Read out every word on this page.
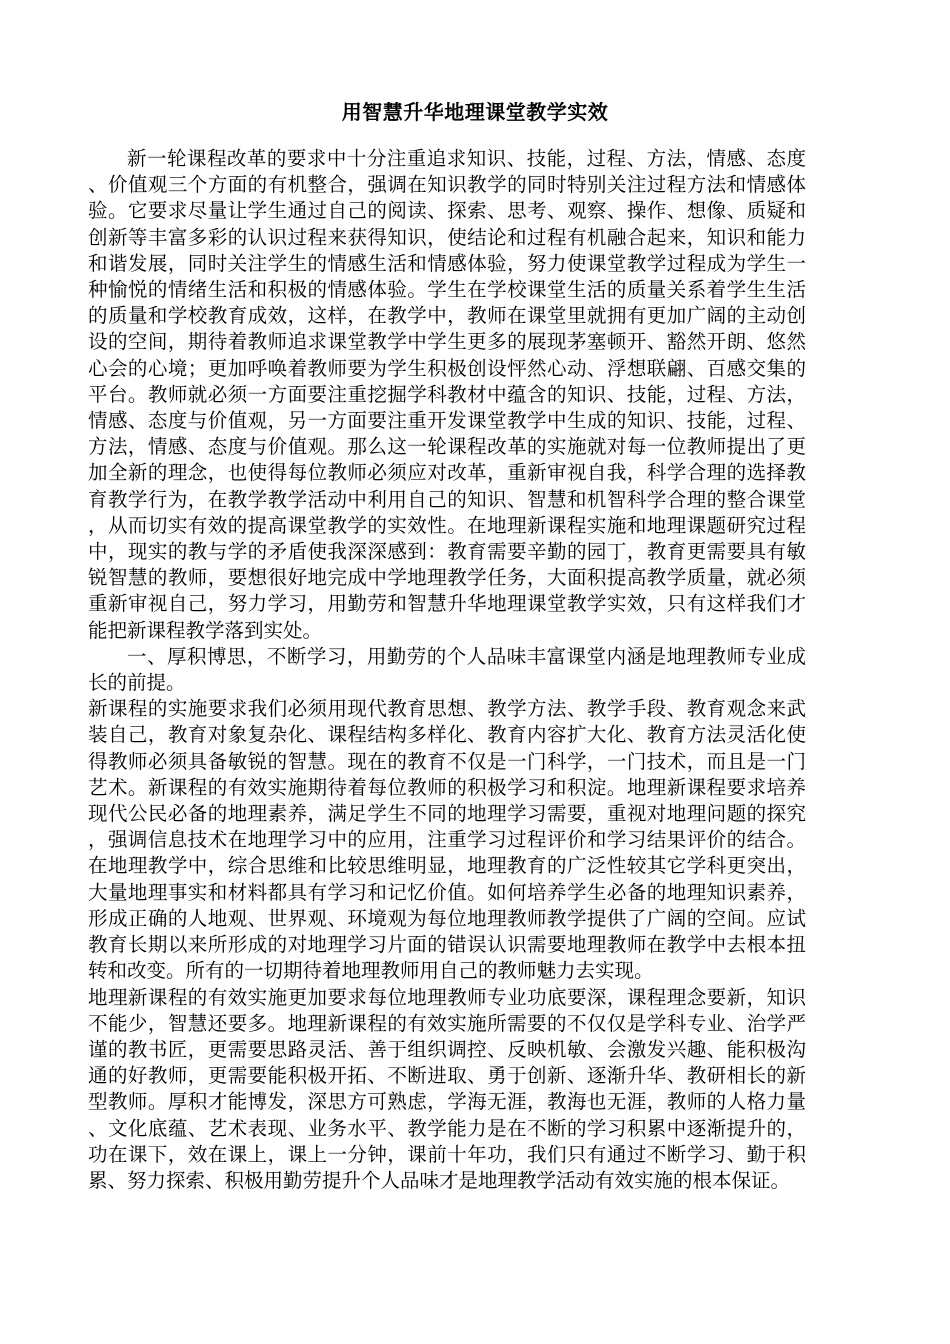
用智慧升华地理课堂教学实效

新一轮课程改革的要求中十分注重追求知识、技能，过程、方法，情感、态度、价值观三个方面的有机整合，强调在知识教学的同时特别关注过程方法和情感体验。它要求尽量让学生通过自己的阅读、探索、思考、观察、操作、想像、质疑和创新等丰富多彩的认识过程来获得知识，使结论和过程有机融合起来，知识和能力和谐发展，同时关注学生的情感生活和情感体验，努力使课堂教学过程成为学生一种愉悦的情绪生活和积极的情感体验。学生在学校课堂生活的质量关系着学生生活的质量和学校教育成效，这样，在教学中，教师在课堂里就拥有更加广阔的主动创设的空间，期待着教师追求课堂教学中学生更多的展现茅塞顿开、豁然开朗、悠然心会的心境；更加呼唤着教师要为学生积极创设怦然心动、浮想联翩、百感交集的平台。教师就必须一方面要注重挖掘学科教材中蕴含的知识、技能，过程、方法，情感、态度与价值观，另一方面要注重开发课堂教学中生成的知识、技能，过程、方法，情感、态度与价值观。那么这一轮课程改革的实施就对每一位教师提出了更加全新的理念，也使得每位教师必须应对改革，重新审视自我，科学合理的选择教育教学行为，在教学教学活动中利用自己的知识、智慧和机智科学合理的整合课堂，从而切实有效的提高课堂教学的实效性。在地理新课程实施和地理课题研究过程中，现实的教与学的矛盾使我深深感到：教育需要辛勤的园丁，教育更需要具有敏锐智慧的教师，要想很好地完成中学地理教学任务，大面积提高教学质量，就必须重新审视自己，努力学习，用勤劳和智慧升华地理课堂教学实效，只有这样我们才能把新课程教学落到实处。

一、厚积博思，不断学习，用勤劳的个人品味丰富课堂内涵是地理教师专业成长的前提。

新课程的实施要求我们必须用现代教育思想、教学方法、教学手段、教育观念来武装自己，教育对象复杂化、课程结构多样化、教育内容扩大化、教育方法灵活化使得教师必须具备敏锐的智慧。现在的教育不仅是一门科学，一门技术，而且是一门艺术。新课程的有效实施期待着每位教师的积极学习和积淀。地理新课程要求培养现代公民必备的地理素养，满足学生不同的地理学习需要，重视对地理问题的探究，强调信息技术在地理学习中的应用，注重学习过程评价和学习结果评价的结合。在地理教学中，综合思维和比较思维明显，地理教育的广泛性较其它学科更突出，大量地理事实和材料都具有学习和记忆价值。如何培养学生必备的地理知识素养，形成正确的人地观、世界观、环境观为每位地理教师教学提供了广阔的空间。应试教育长期以来所形成的对地理学习片面的错误认识需要地理教师在教学中去根本扭转和改变。所有的一切期待着地理教师用自己的教师魅力去实现。

地理新课程的有效实施更加要求每位地理教师专业功底要深，课程理念要新，知识不能少，智慧还要多。地理新课程的有效实施所需要的不仅仅是学科专业、治学严谨的教书匠，更需要思路灵活、善于组织调控、反映机敏、会激发兴趣、能积极沟通的好教师，更需要能积极开拓、不断进取、勇于创新、逐渐升华、教研相长的新型教师。厚积才能博发，深思方可熟虑，学海无涯，教海也无涯，教师的人格力量、文化底蕴、艺术表现、业务水平、教学能力是在不断的学习积累中逐渐提升的，功在课下，效在课上，课上一分钟，课前十年功，我们只有通过不断学习、勤于积累、努力探索、积极用勤劳提升个人品味才是地理教学活动有效实施的根本保证。
